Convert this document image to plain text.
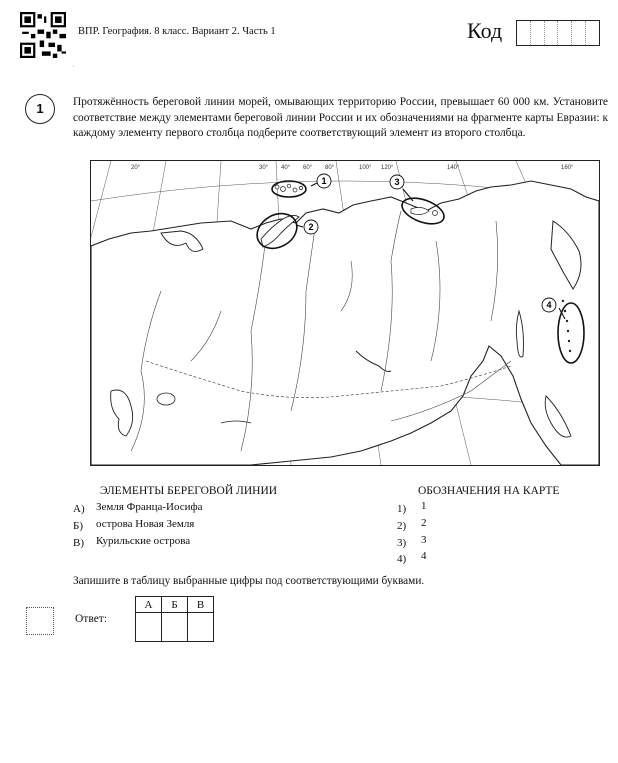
ВПР. География. 8 класс. Вариант 2. Часть 1	Код
·
1	Протяжённость береговой линии морей, омывающих территорию России, превышает 60 000 км. Установите соответствие между элементами береговой линии России и их обозначениями на фрагменте карты Евразии: к каждому элементу первого столбца подберите соответствующий элемент из второго столбца.
1
2
3
4
20°	30° 40° 60° 80°	100° 120°	140°	160°
ЭЛЕМЕНТЫ БЕРЕГОВОЙ ЛИНИИ	ОБОЗНАЧЕНИЯ НА КАРТЕ
А) Земля Франца-Иосифа
Б) острова Новая Земля
В) Курильские острова
1) 1
2) 2
3) 3
4) 4
Запишите в таблицу выбранные цифры под соответствующими буквами.
Ответ:
А	Б	В
